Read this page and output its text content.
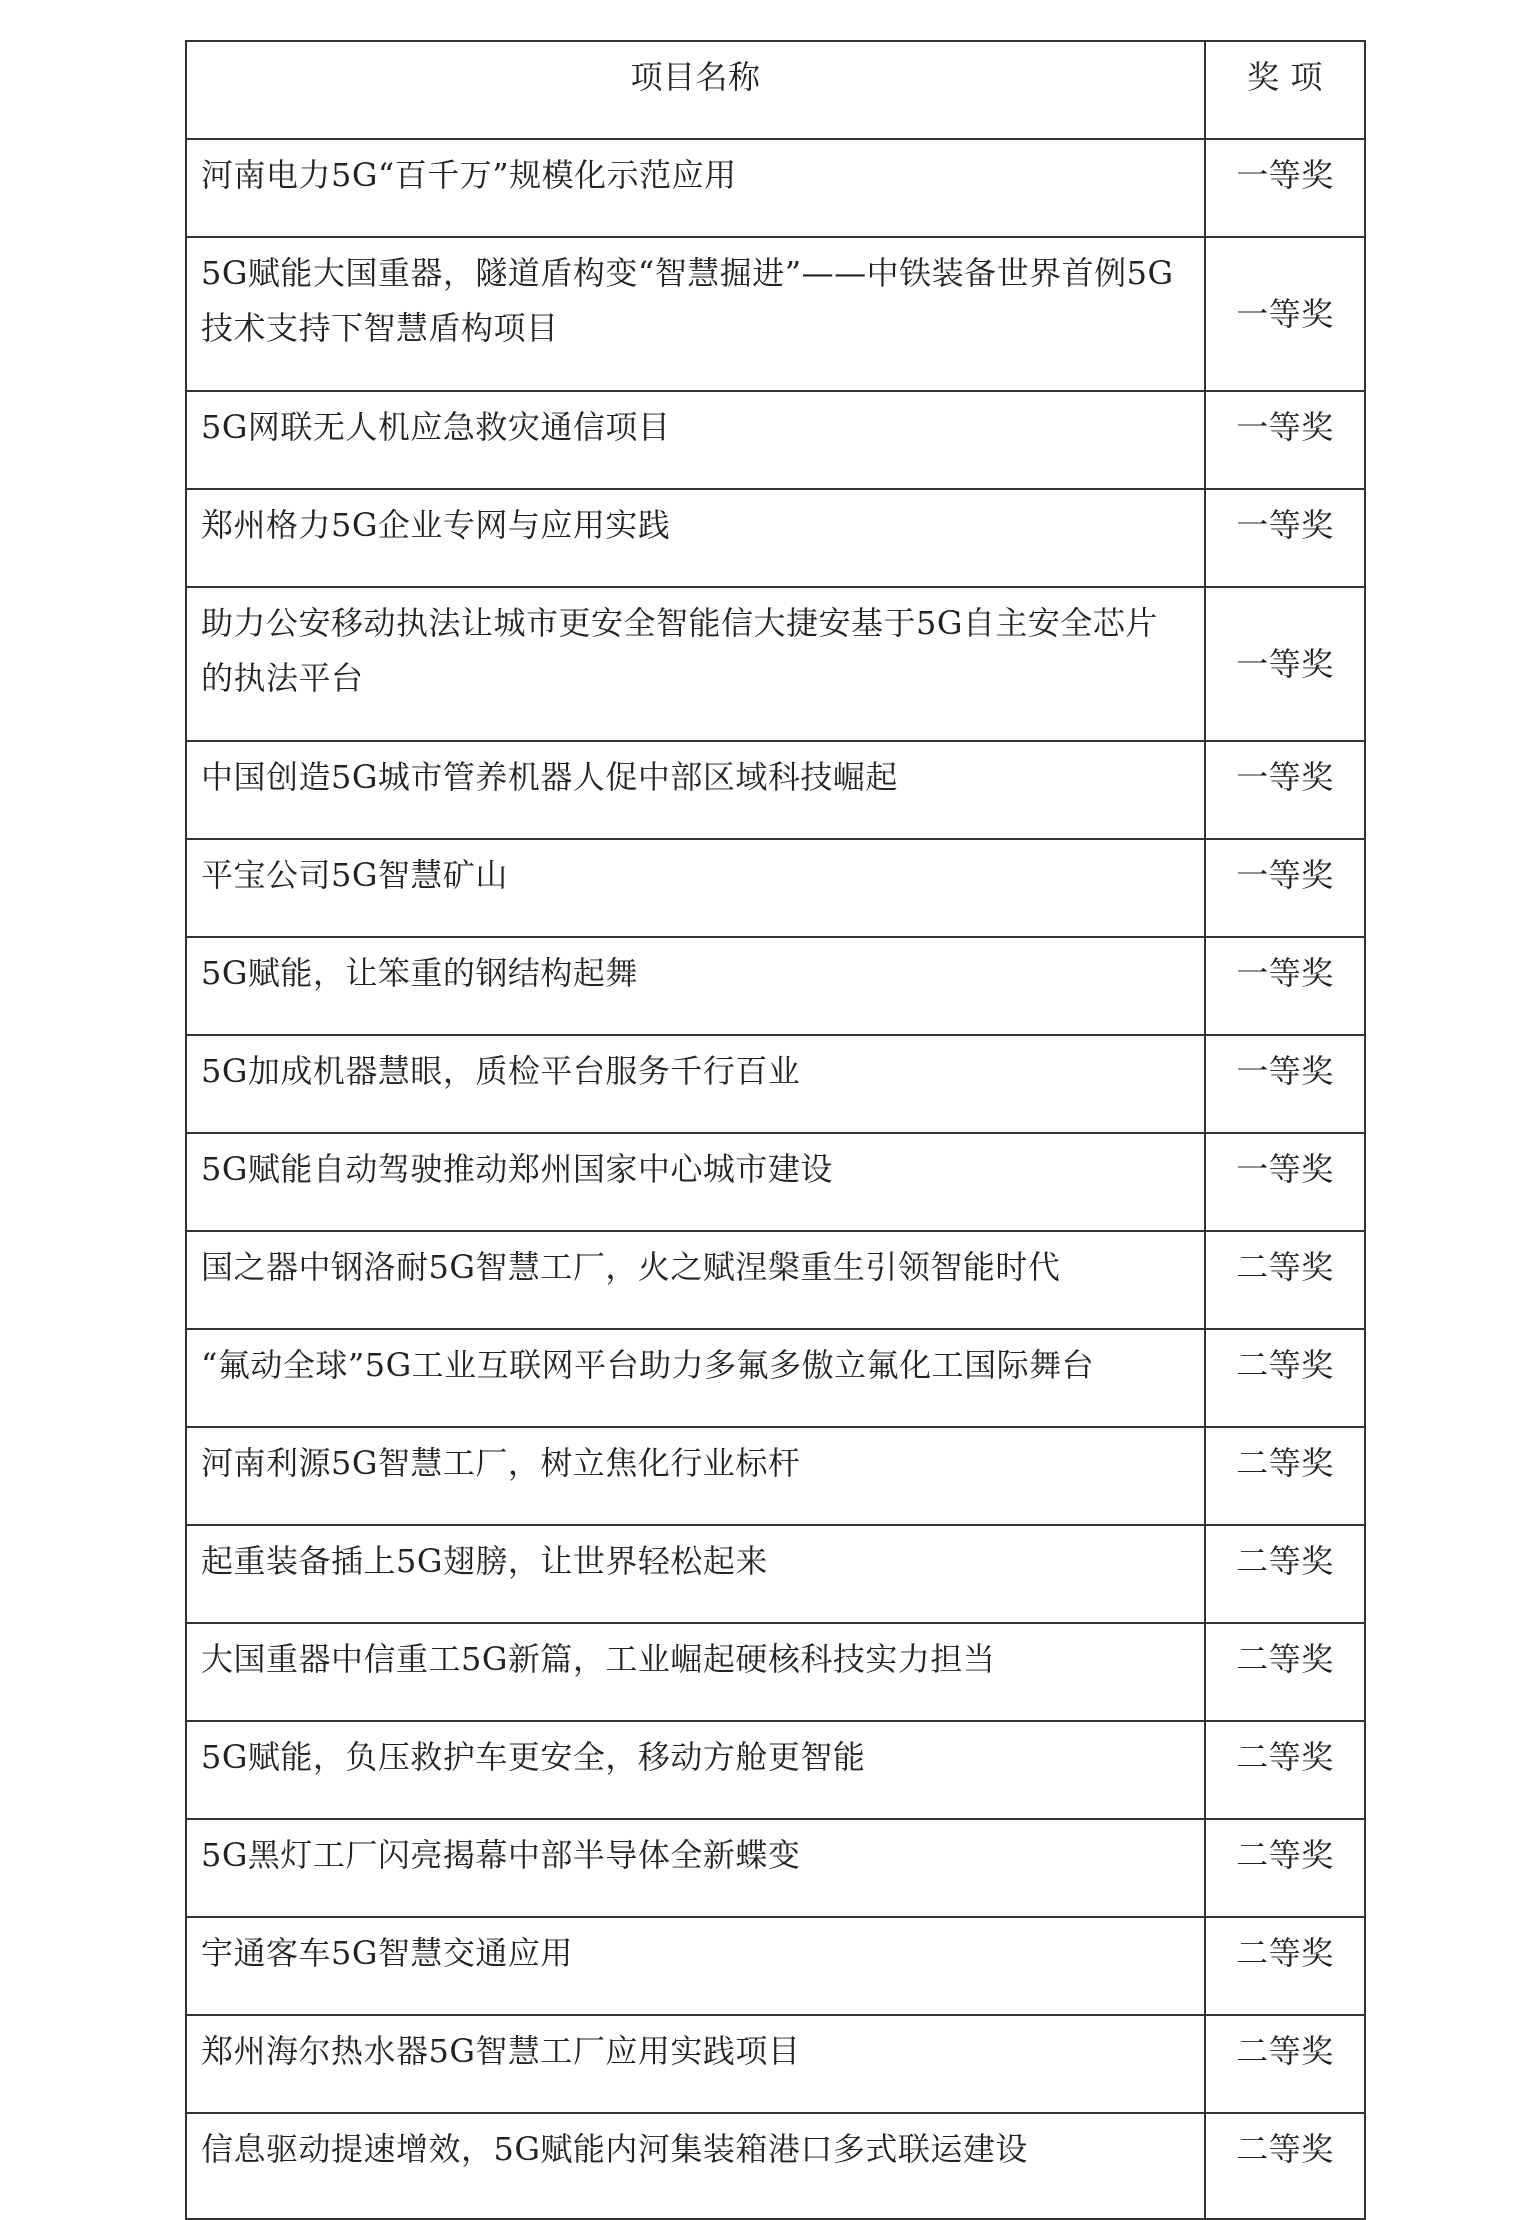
项目名称	奖 项
河南电力5G“百千万”规模化示范应用	一等奖
5G赋能大国重器，隧道盾构变“智慧掘进”——中铁装备世界首例5G技术支持下智慧盾构项目	一等奖
5G网联无人机应急救灾通信项目	一等奖
郑州格力5G企业专网与应用实践	一等奖
助力公安移动执法让城市更安全智能信大捷安基于5G自主安全芯片的执法平台	一等奖
中国创造5G城市管养机器人促中部区域科技崛起	一等奖
平宝公司5G智慧矿山	一等奖
5G赋能，让笨重的钢结构起舞	一等奖
5G加成机器慧眼，质检平台服务千行百业	一等奖
5G赋能自动驾驶推动郑州国家中心城市建设	一等奖
国之器中钢洛耐5G智慧工厂，火之赋涅槃重生引领智能时代	二等奖
“氟动全球”5G工业互联网平台助力多氟多傲立氟化工国际舞台	二等奖
河南利源5G智慧工厂，树立焦化行业标杆	二等奖
起重装备插上5G翅膀，让世界轻松起来	二等奖
大国重器中信重工5G新篇，工业崛起硬核科技实力担当	二等奖
5G赋能，负压救护车更安全，移动方舱更智能	二等奖
5G黑灯工厂闪亮揭幕中部半导体全新蝶变	二等奖
宇通客车5G智慧交通应用	二等奖
郑州海尔热水器5G智慧工厂应用实践项目	二等奖
信息驱动提速增效，5G赋能内河集装箱港口多式联运建设	二等奖
